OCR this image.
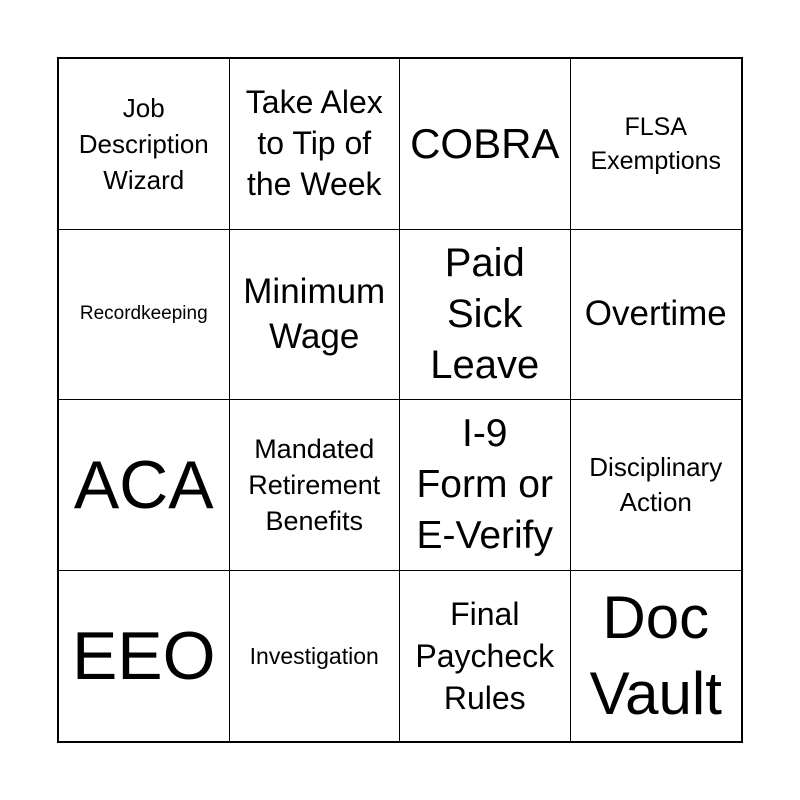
Job
Description
Wizard
Take Alex
to Tip of
the Week
COBRA	FLSA
Exemptions
Recordkeeping
Minimum
Wage
Paid
Sick
Leave
Overtime
ACA	Mandated
Retirement
Benefits
I-9
Form or
E-Verify
Disciplinary
Action
EEO Investigation
Final
Paycheck
Rules
Doc
Vault
